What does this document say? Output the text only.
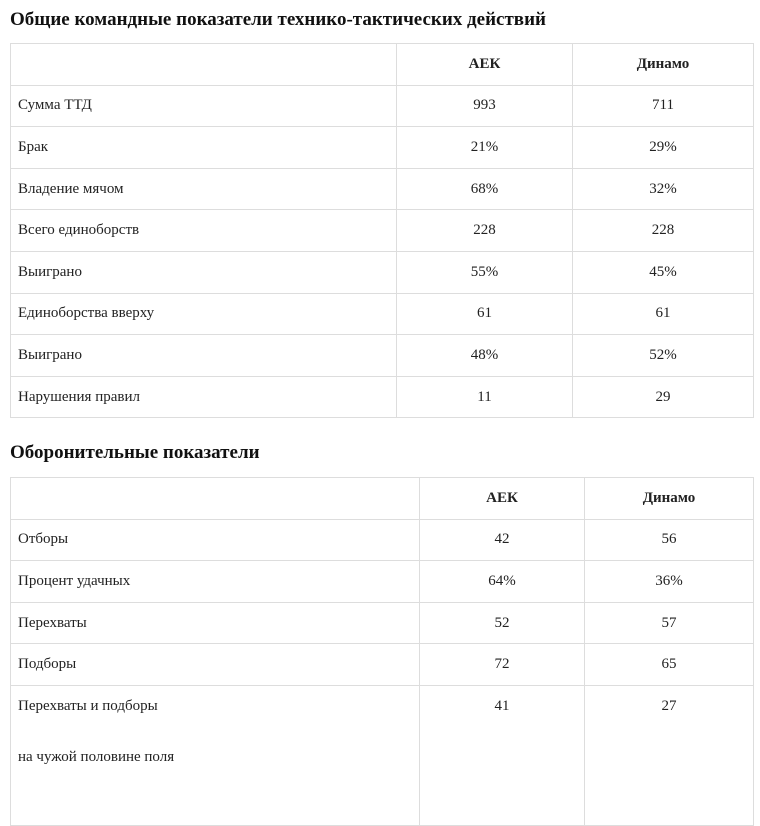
Общие командные показатели технико-тактических действий
	АЕК	Динамо
Сумма ТТД	993	711
Брак	21%	29%
Владение мячом	68%	32%
Всего единоборств	228	228
Выиграно	55%	45%
Единоборства вверху	61	61
Выиграно	48%	52%
Нарушения правил	11	29
Оборонительные показатели
	АЕК	Динамо
Отборы	42	56
Процент удачных	64%	36%
Перехваты	52	57
Подборы	72	65
Перехваты и подборы
на чужой половине поля	41	27
